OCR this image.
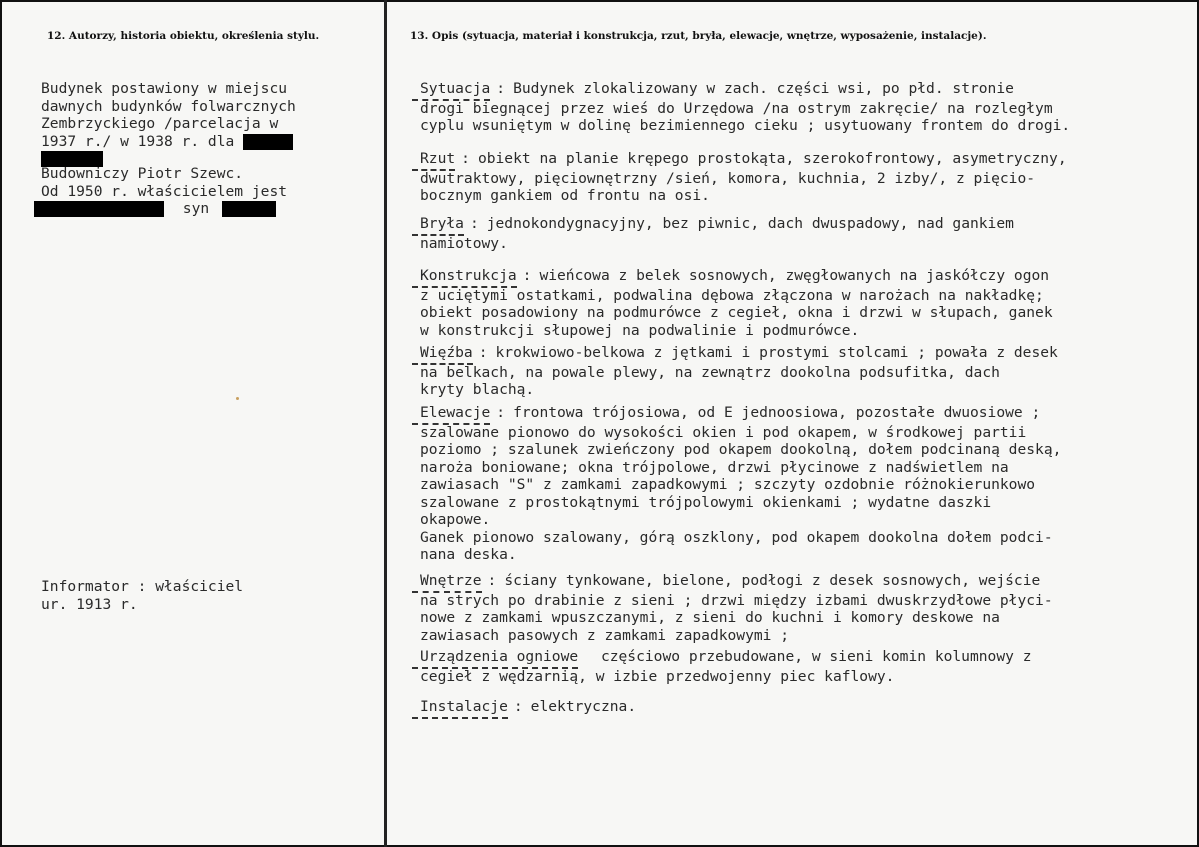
12. Autorzy, historia obiektu, określenia stylu.	13. Opis (sytuacja, materiał i konstrukcja, rzut, bryła, elewacje, wnętrze, wyposażenie, instalacje).
Budynek postawiony w miejscu
dawnych budynków folwarcznych
Zembrzyckiego /parcelacja w
1937 r./ w 1938 r. dla
Budowniczy Piotr Szewc.
Od 1950 r. właścicielem jest
syn
Informator : właściciel
ur. 1913 r.
Sytuacja : Budynek zlokalizowany w zach. części wsi, po płd. stronie
drogi biegnącej przez wieś do Urzędowa /na ostrym zakręcie/ na rozległym
cyplu wsuniętym w dolinę bezimiennego cieku ; usytuowany frontem do drogi.
Rzut : obiekt na planie krępego prostokąta, szerokofrontowy, asymetryczny,
dwutraktowy, pięciownętrzny /sień, komora, kuchnia, 2 izby/, z pięcio-
bocznym gankiem od frontu na osi.
Bryła : jednokondygnacyjny, bez piwnic, dach dwuspadowy, nad gankiem
namiotowy.
Konstrukcja : wieńcowa z belek sosnowych, zwęgłowanych na jaskółczy ogon
z uciętymi ostatkami, podwalina dębowa złączona w narożach na nakładkę;
obiekt posadowiony na podmurówce z cegieł, okna i drzwi w słupach, ganek
w konstrukcji słupowej na podwalinie i podmurówce.
Więźba : krokwiowo-belkowa z jętkami i prostymi stolcami ; powała z desek
na belkach, na powale plewy, na zewnątrz dookolna podsufitka, dach
kryty blachą.
Elewacje : frontowa trójosiowa, od E jednoosiowa, pozostałe dwuosiowe ;
szalowane pionowo do wysokości okien i pod okapem, w środkowej partii
poziomo ; szalunek zwieńczony pod okapem dookolną, dołem podcinaną deską,
naroża boniowane; okna trójpolowe, drzwi płycinowe z nadświetlem na
zawiasach "S" z zamkami zapadkowymi ; szczyty ozdobnie różnokierunkowo
szalowane z prostokątnymi trójpolowymi okienkami ; wydatne daszki
okapowe.
Ganek pionowo szalowany, górą oszklony, pod okapem dookolna dołem podci-
nana deska.
Wnętrze : ściany tynkowane, bielone, podłogi z desek sosnowych, wejście
na strych po drabinie z sieni ; drzwi między izbami dwuskrzydłowe płyci-
nowe z zamkami wpuszczanymi, z sieni do kuchni i komory deskowe na
zawiasach pasowych z zamkami zapadkowymi ;
Urządzenia ogniowe częściowo przebudowane, w sieni komin kolumnowy z
cegieł z wędzarnią, w izbie przedwojenny piec kaflowy.
Instalacje : elektryczna.
